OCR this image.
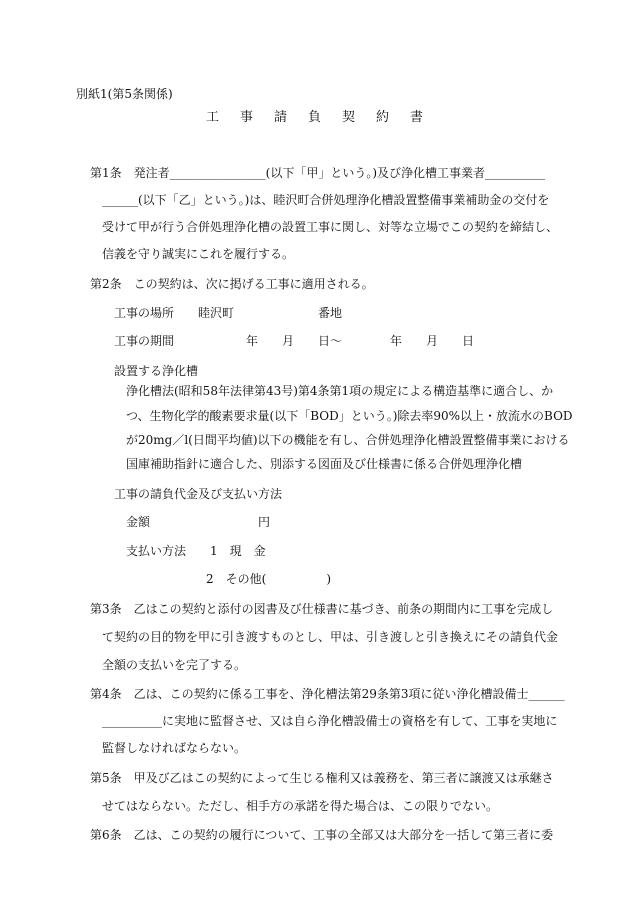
別紙1(第5条関係)
工 事 請 負 契 約 書
第1条　発注者________________(以下「甲」という。)及び浄化槽工事業者__________
______(以下「乙」という。)は、睦沢町合併処理浄化槽設置整備事業補助金の交付を
受けて甲が行う合併処理浄化槽の設置工事に関し、対等な立場でこの契約を締結し、
信義を守り誠実にこれを履行する。
第2条　この契約は、次に掲げる工事に適用される。
工事の場所　　睦沢町　　　　　　　番地
工事の期間　　　　　　年　　月　　日〜　　　　年　　月　　日
設置する浄化槽
浄化槽法(昭和58年法律第43号)第4条第1項の規定による構造基準に適合し、か
つ、生物化学的酸素要求量(以下「BOD」という。)除去率90%以上・放流水のBOD
が20mg／l(日間平均値)以下の機能を有し、合併処理浄化槽設置整備事業における
国庫補助指針に適合した、別添する図面及び仕様書に係る合併処理浄化槽
工事の請負代金及び支払い方法
金額　　　　　　　　　円
支払い方法　　1　現　金
2　その他(　　　　　)
第3条　乙はこの契約と添付の図書及び仕様書に基づき、前条の期間内に工事を完成し
て契約の目的物を甲に引き渡すものとし、甲は、引き渡しと引き換えにその請負代金
全額の支払いを完了する。
第4条　乙は、この契約に係る工事を、浄化槽法第29条第3項に従い浄化槽設備士______
__________に実地に監督させ、又は自ら浄化槽設備士の資格を有して、工事を実地に
監督しなければならない。
第5条　甲及び乙はこの契約によって生じる権利又は義務を、第三者に譲渡又は承継さ
せてはならない。ただし、相手方の承諾を得た場合は、この限りでない。
第6条　乙は、この契約の履行について、工事の全部又は大部分を一括して第三者に委
